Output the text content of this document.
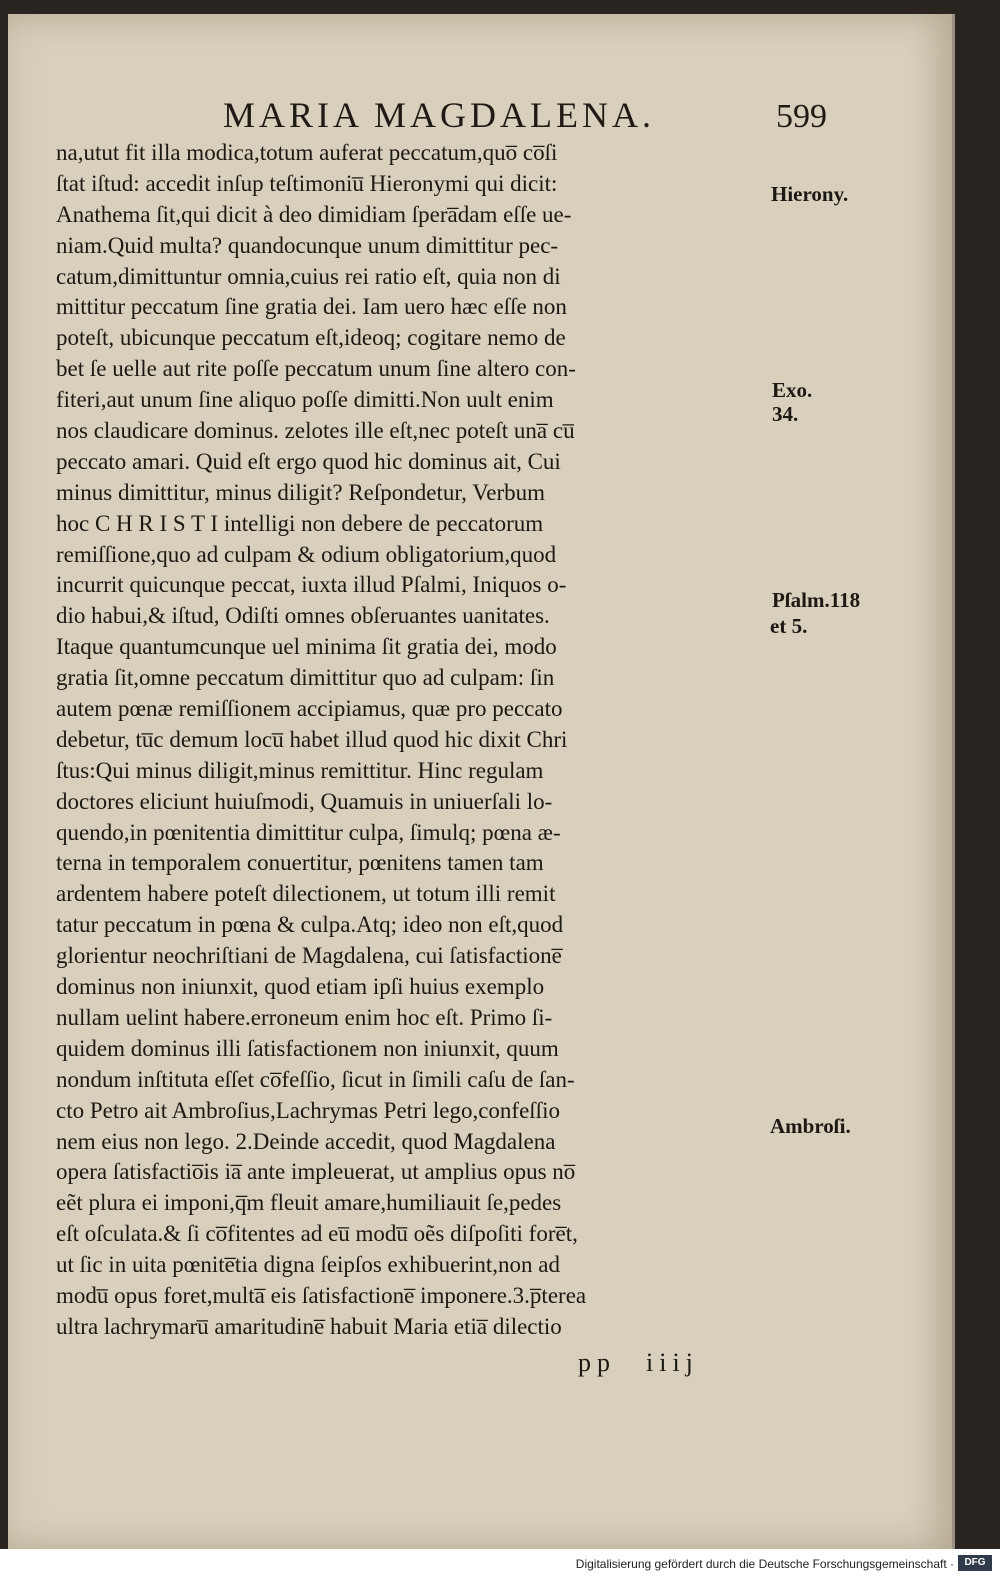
MARIA MAGDALENA.	599
na,utut fit illa modica,totum auferat peccatum,quo̅ co̅ſi
ſtat iſtud: accedit inſup teſtimoniu̅ Hieronymi qui dicit:
Anathema ſit,qui dicit à deo dimidiam ſpera̅dam eſſe ue-
niam.Quid multa? quandocunque unum dimittitur pec-
catum,dimittuntur omnia,cuius rei ratio eſt, quia non di
mittitur peccatum ſine gratia dei. Iam uero hæc eſſe non
poteſt, ubicunque peccatum eſt,ideoq; cogitare nemo de
bet ſe uelle aut rite poſſe peccatum unum ſine altero con-
fiteri,aut unum ſine aliquo poſſe dimitti.Non uult enim
nos claudicare dominus. zelotes ille eſt,nec poteſt una̅ cu̅
peccato amari. Quid eſt ergo quod hic dominus ait, Cui
minus dimittitur, minus diligit? Reſpondetur, Verbum
hoc C H R I S T I intelligi non debere de peccatorum
remiſſione,quo ad culpam & odium obligatorium,quod
incurrit quicunque peccat, iuxta illud Pſalmi, Iniquos o-
dio habui,& iſtud, Odiſti omnes obſeruantes uanitates.
Itaque quantumcunque uel minima ſit gratia dei, modo
gratia ſit,omne peccatum dimittitur quo ad culpam: ſin
autem pœnæ remiſſionem accipiamus, quæ pro peccato
debetur, tu̅c demum locu̅ habet illud quod hic dixit Chri
ſtus:Qui minus diligit,minus remittitur. Hinc regulam
doctores eliciunt huiuſmodi, Quamuis in uniuerſali lo-
quendo,in pœnitentia dimittitur culpa, ſimulq; pœna æ-
terna in temporalem conuertitur, pœnitens tamen tam
ardentem habere poteſt dilectionem, ut totum illi remit
tatur peccatum in pœna & culpa.Atq; ideo non eſt,quod
glorientur neochriſtiani de Magdalena, cui ſatisfactione̅
dominus non iniunxit, quod etiam ipſi huius exemplo
nullam uelint habere.erroneum enim hoc eſt. Primo ſi-
quidem dominus illi ſatisfactionem non iniunxit, quum
nondum inſtituta eſſet co̅feſſio, ſicut in ſimili caſu de ſan-
cto Petro ait Ambroſius,Lachrymas Petri lego,confeſſio
nem eius non lego. 2.Deinde accedit, quod Magdalena
opera ſatisfactio̅is ia̅ ante impleuerat, ut amplius opus no̅
eẽt plura ei imponi,q̅m fleuit amare,humiliauit ſe,pedes
eſt oſculata.& ſi co̅fitentes ad eu̅ modu̅ oẽs diſpoſiti fore̅t,
ut ſic in uita pœnite̅tia digna ſeipſos exhibuerint,non ad
modu̅ opus foret,multa̅ eis ſatisfactione̅ imponere.3.p̅terea
ultra lachrymaru̅ amaritudine̅ habuit Maria etia̅ dilectio
Hierony.
Exo.
34.
Pſalm.118
et 5.
Ambroſi.
pp iiij
Digitalisierung gefördert durch die Deutsche Forschungsgemeinschaft ·	DFG
